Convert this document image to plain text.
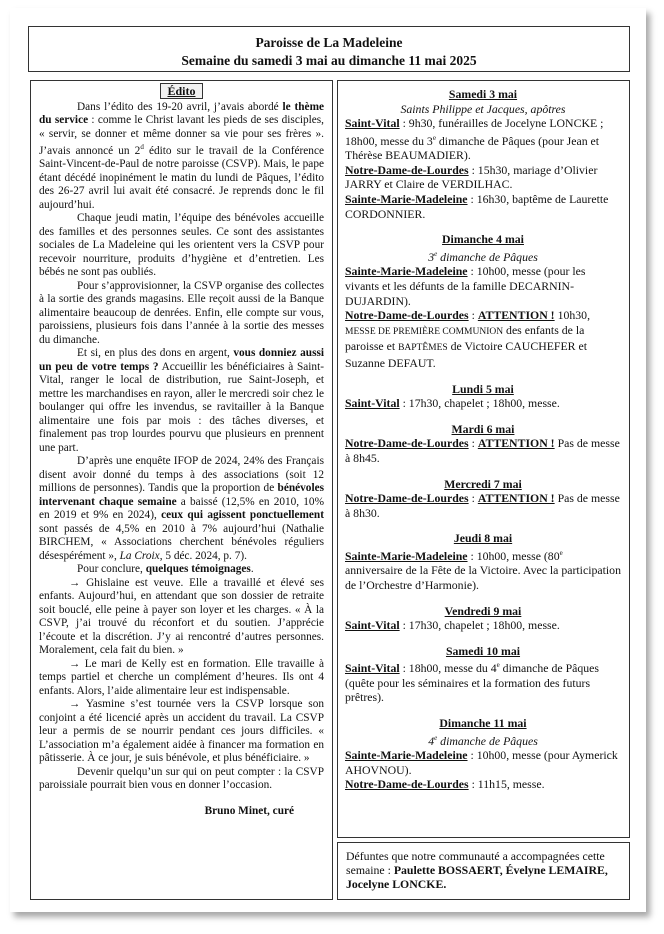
Paroisse de La Madeleine
Semaine du samedi 3 mai au dimanche 11 mai 2025
Édito

Dans l’édito des 19-20 avril, j’avais abordé le thème du service : comme le Christ lavant les pieds de ses disciples, « servir, se donner et même donner sa vie pour ses frères ». J’avais annoncé un 2$^d$ édito sur le travail de la Conférence Saint-Vincent-de-Paul de notre paroisse (CSVP). Mais, le pape étant décédé inopinément le matin du lundi de Pâques, l’édito des 26-27 avril lui avait été consacré. Je reprends donc le fil aujourd’hui.

Chaque jeudi matin, l’équipe des bénévoles accueille des familles et des personnes seules. Ce sont des assistantes sociales de La Madeleine qui les orientent vers la CSVP pour recevoir nourriture, produits d’hygiène et d’entretien. Les bébés ne sont pas oubliés.

Pour s’approvisionner, la CSVP organise des collectes à la sortie des grands magasins. Elle reçoit aussi de la Banque alimentaire beaucoup de denrées. Enfin, elle compte sur vous, paroissiens, plusieurs fois dans l’année à la sortie des messes du dimanche.

Et si, en plus des dons en argent, vous donniez aussi un peu de votre temps ? Accueillir les bénéficiaires à Saint-Vital, ranger le local de distribution, rue Saint-Joseph, et mettre les marchandises en rayon, aller le mercredi soir chez le boulanger qui offre les invendus, se ravitailler à la Banque alimentaire une fois par mois : des tâches diverses, et finalement pas trop lourdes pourvu que plusieurs en prennent une part.

D’après une enquête IFOP de 2024, 24% des Français disent avoir donné du temps à des associations (soit 12 millions de personnes). Tandis que la proportion de bénévoles intervenant chaque semaine a baissé (12,5% en 2010, 10% en 2019 et 9% en 2024), ceux qui agissent ponctuellement sont passés de 4,5% en 2010 à 7% aujourd’hui (Nathalie BIRCHEM, « Associations cherchent bénévoles réguliers désespérément », La Croix, 5 déc. 2024, p. 7).

Pour conclure, quelques témoignages.

→ Ghislaine est veuve. Elle a travaillé et élevé ses enfants. Aujourd’hui, en attendant que son dossier de retraite soit bouclé, elle peine à payer son loyer et les charges. « À la CSVP, j’ai trouvé du réconfort et du soutien. J’apprécie l’écoute et la discrétion. J’y ai rencontré d’autres personnes. Moralement, cela fait du bien. »

→ Le mari de Kelly est en formation. Elle travaille à temps partiel et cherche un complément d’heures. Ils ont 4 enfants. Alors, l’aide alimentaire leur est indispensable.

→ Yasmine s’est tournée vers la CSVP lorsque son conjoint a été licencié après un accident du travail. La CSVP leur a permis de se nourrir pendant ces jours difficiles. « L’association m’a également aidée à financer ma formation en pâtisserie. À ce jour, je suis bénévole, et plus bénéficiaire. »

Devenir quelqu’un sur qui on peut compter : la CSVP paroissiale pourrait bien vous en donner l’occasion.

Bruno Minet, curé
Samedi 3 mai
Saints Philippe et Jacques, apôtres

Saint-Vital : 9h30, funérailles de Jocelyne LONCKE ; 18h00, messe du 3e dimanche de Pâques (pour Jean et Thérèse BEAUMADIER).

Notre-Dame-de-Lourdes : 15h30, mariage d’Olivier JARRY et Claire de VERDILHAC.

Sainte-Marie-Madeleine : 16h30, baptême de Laurette CORDONNIER.

Dimanche 4 mai
3e dimanche de Pâques

Sainte-Marie-Madeleine : 10h00, messe (pour les vivants et les défunts de la famille DECARNIN-DUJARDIN).

Notre-Dame-de-Lourdes : ATTENTION ! 10h30, MESSE DE PREMIÈRE COMMUNION des enfants de la paroisse et BAPTÊMES de Victoire CAUCHEFER et Suzanne DEFAUT.

Lundi 5 mai

Saint-Vital : 17h30, chapelet ; 18h00, messe.

Mardi 6 mai

Notre-Dame-de-Lourdes : ATTENTION ! Pas de messe à 8h45.

Mercredi 7 mai

Notre-Dame-de-Lourdes : ATTENTION ! Pas de messe à 8h30.

Jeudi 8 mai

Sainte-Marie-Madeleine : 10h00, messe (80e anniversaire de la Fête de la Victoire. Avec la participation de l’Orchestre d’Harmonie).

Vendredi 9 mai

Saint-Vital : 17h30, chapelet ; 18h00, messe.

Samedi 10 mai

Saint-Vital : 18h00, messe du 4e dimanche de Pâques (quête pour les séminaires et la formation des futurs prêtres).

Dimanche 11 mai
4e dimanche de Pâques

Sainte-Marie-Madeleine : 10h00, messe (pour Aymerick AHOVNOU).

Notre-Dame-de-Lourdes : 11h15, messe.

Défuntes que notre communauté a accompagnées cette semaine : Paulette BOSSAERT, Évelyne LEMAIRE, Jocelyne LONCKE.
